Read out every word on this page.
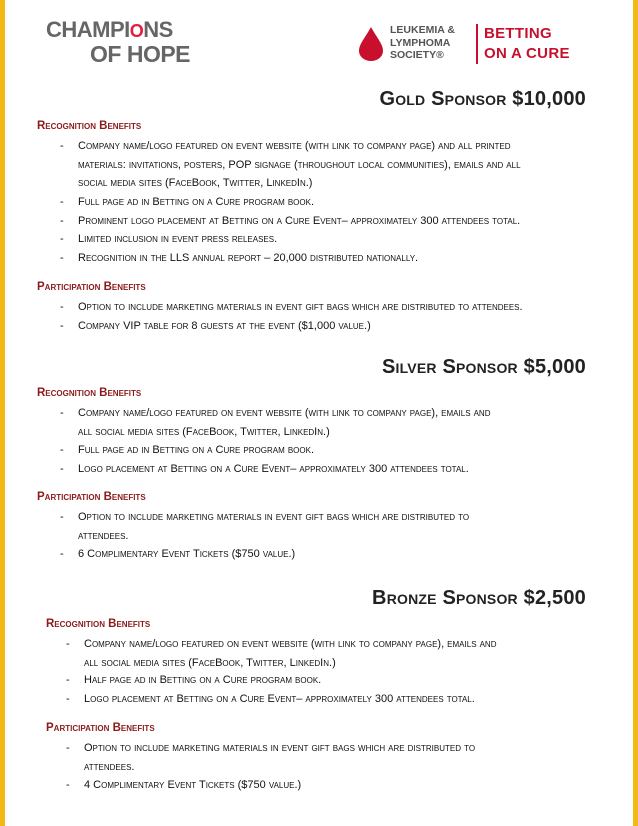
CHAMPIONS
OF HOPE
LEUKEMIA &
LYMPHOMA
SOCIETY®
BETTING
ON A CURE
Gold Sponsor $10,000
Recognition Benefits
- Company name/logo featured on event website (with link to company page) and all printed
materials: invitations, posters, POP signage (throughout local communities), emails and all
social media sites (FaceBook, Twitter, LinkedIn.)
- Full page ad in Betting on a Cure program book.
- Prominent logo placement at Betting on a Cure Event– approximately 300 attendees total.
- Limited inclusion in event press releases.
- Recognition in the LLS annual report – 20,000 distributed nationally.
Participation Benefits
- Option to include marketing materials in event gift bags which are distributed to attendees.
- Company VIP table for 8 guests at the event ($1,000 value.)
Silver Sponsor $5,000
Recognition Benefits
- Company name/logo featured on event website (with link to company page), emails and
all social media sites (FaceBook, Twitter, LinkedIn.)
- Full page ad in Betting on a Cure program book.
- Logo placement at Betting on a Cure Event– approximately 300 attendees total.
Participation Benefits
- Option to include marketing materials in event gift bags which are distributed to
attendees.
- 6 Complimentary Event Tickets ($750 value.)
Bronze Sponsor $2,500
Recognition Benefits
- Company name/logo featured on event website (with link to company page), emails and
all social media sites (FaceBook, Twitter, LinkedIn.)
- Half page ad in Betting on a Cure program book.
- Logo placement at Betting on a Cure Event– approximately 300 attendees total.
Participation Benefits
- Option to include marketing materials in event gift bags which are distributed to
attendees.
- 4 Complimentary Event Tickets ($750 value.)
